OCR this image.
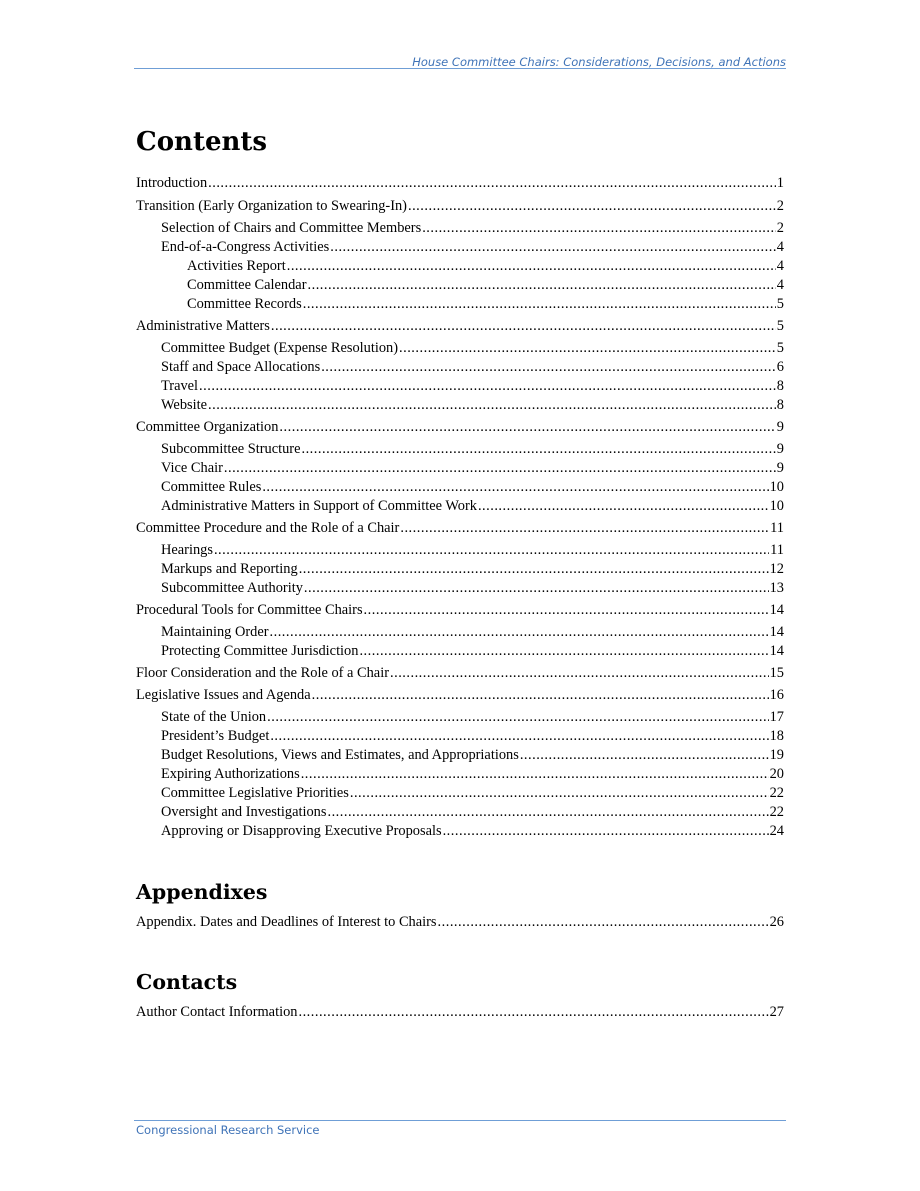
House Committee Chairs: Considerations, Decisions, and Actions
Contents
Introduction .....	1
Transition (Early Organization to Swearing-In) .....	2
Selection of Chairs and Committee Members .....	2
End-of-a-Congress Activities .....	4
Activities Report .....	4
Committee Calendar .....	4
Committee Records .....	5
Administrative Matters .....	5
Committee Budget (Expense Resolution) .....	5
Staff and Space Allocations .....	6
Travel .....	8
Website .....	8
Committee Organization .....	9
Subcommittee Structure .....	9
Vice Chair .....	9
Committee Rules .....	10
Administrative Matters in Support of Committee Work .....	10
Committee Procedure and the Role of a Chair .....	11
Hearings .....	11
Markups and Reporting .....	12
Subcommittee Authority .....	13
Procedural Tools for Committee Chairs .....	14
Maintaining Order .....	14
Protecting Committee Jurisdiction .....	14
Floor Consideration and the Role of a Chair .....	15
Legislative Issues and Agenda .....	16
State of the Union .....	17
President’s Budget .....	18
Budget Resolutions, Views and Estimates, and Appropriations .....	19
Expiring Authorizations .....	20
Committee Legislative Priorities .....	22
Oversight and Investigations .....	22
Approving or Disapproving Executive Proposals .....	24
Appendixes
Appendix. Dates and Deadlines of Interest to Chairs .....	26
Contacts
Author Contact Information .....	27
Congressional Research Service
